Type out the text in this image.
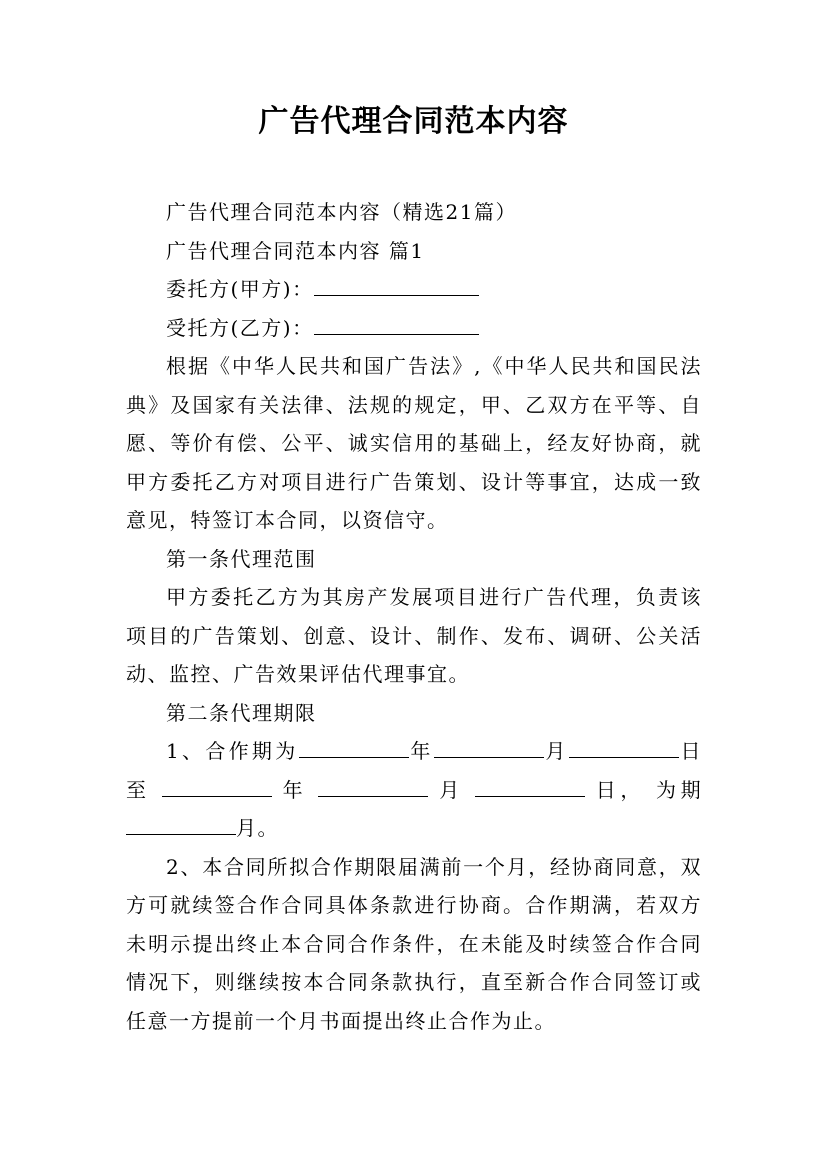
广告代理合同范本内容

广告代理合同范本内容（精选21篇）

广告代理合同范本内容 篇1

委托方(甲方)：

受托方(乙方)：

根据《中华人民共和国广告法》,《中华人民共和国民法典》及国家有关法律、法规的规定，甲、乙双方在平等、自愿、等价有偿、公平、诚实信用的基础上，经友好协商，就甲方委托乙方对项目进行广告策划、设计等事宜，达成一致意见，特签订本合同，以资信守。

第一条代理范围

甲方委托乙方为其房产发展项目进行广告代理，负责该项目的广告策划、创意、设计、制作、发布、调研、公关活动、监控、广告效果评估代理事宜。

第二条代理期限

1、合作期为	年	月	日

至	年	月	日， 为期

月。

2、本合同所拟合作期限届满前一个月，经协商同意，双方可就续签合作合同具体条款进行协商。合作期满，若双方未明示提出终止本合同合作条件，在未能及时续签合作合同情况下，则继续按本合同条款执行，直至新合作合同签订或任意一方提前一个月书面提出终止合作为止。
